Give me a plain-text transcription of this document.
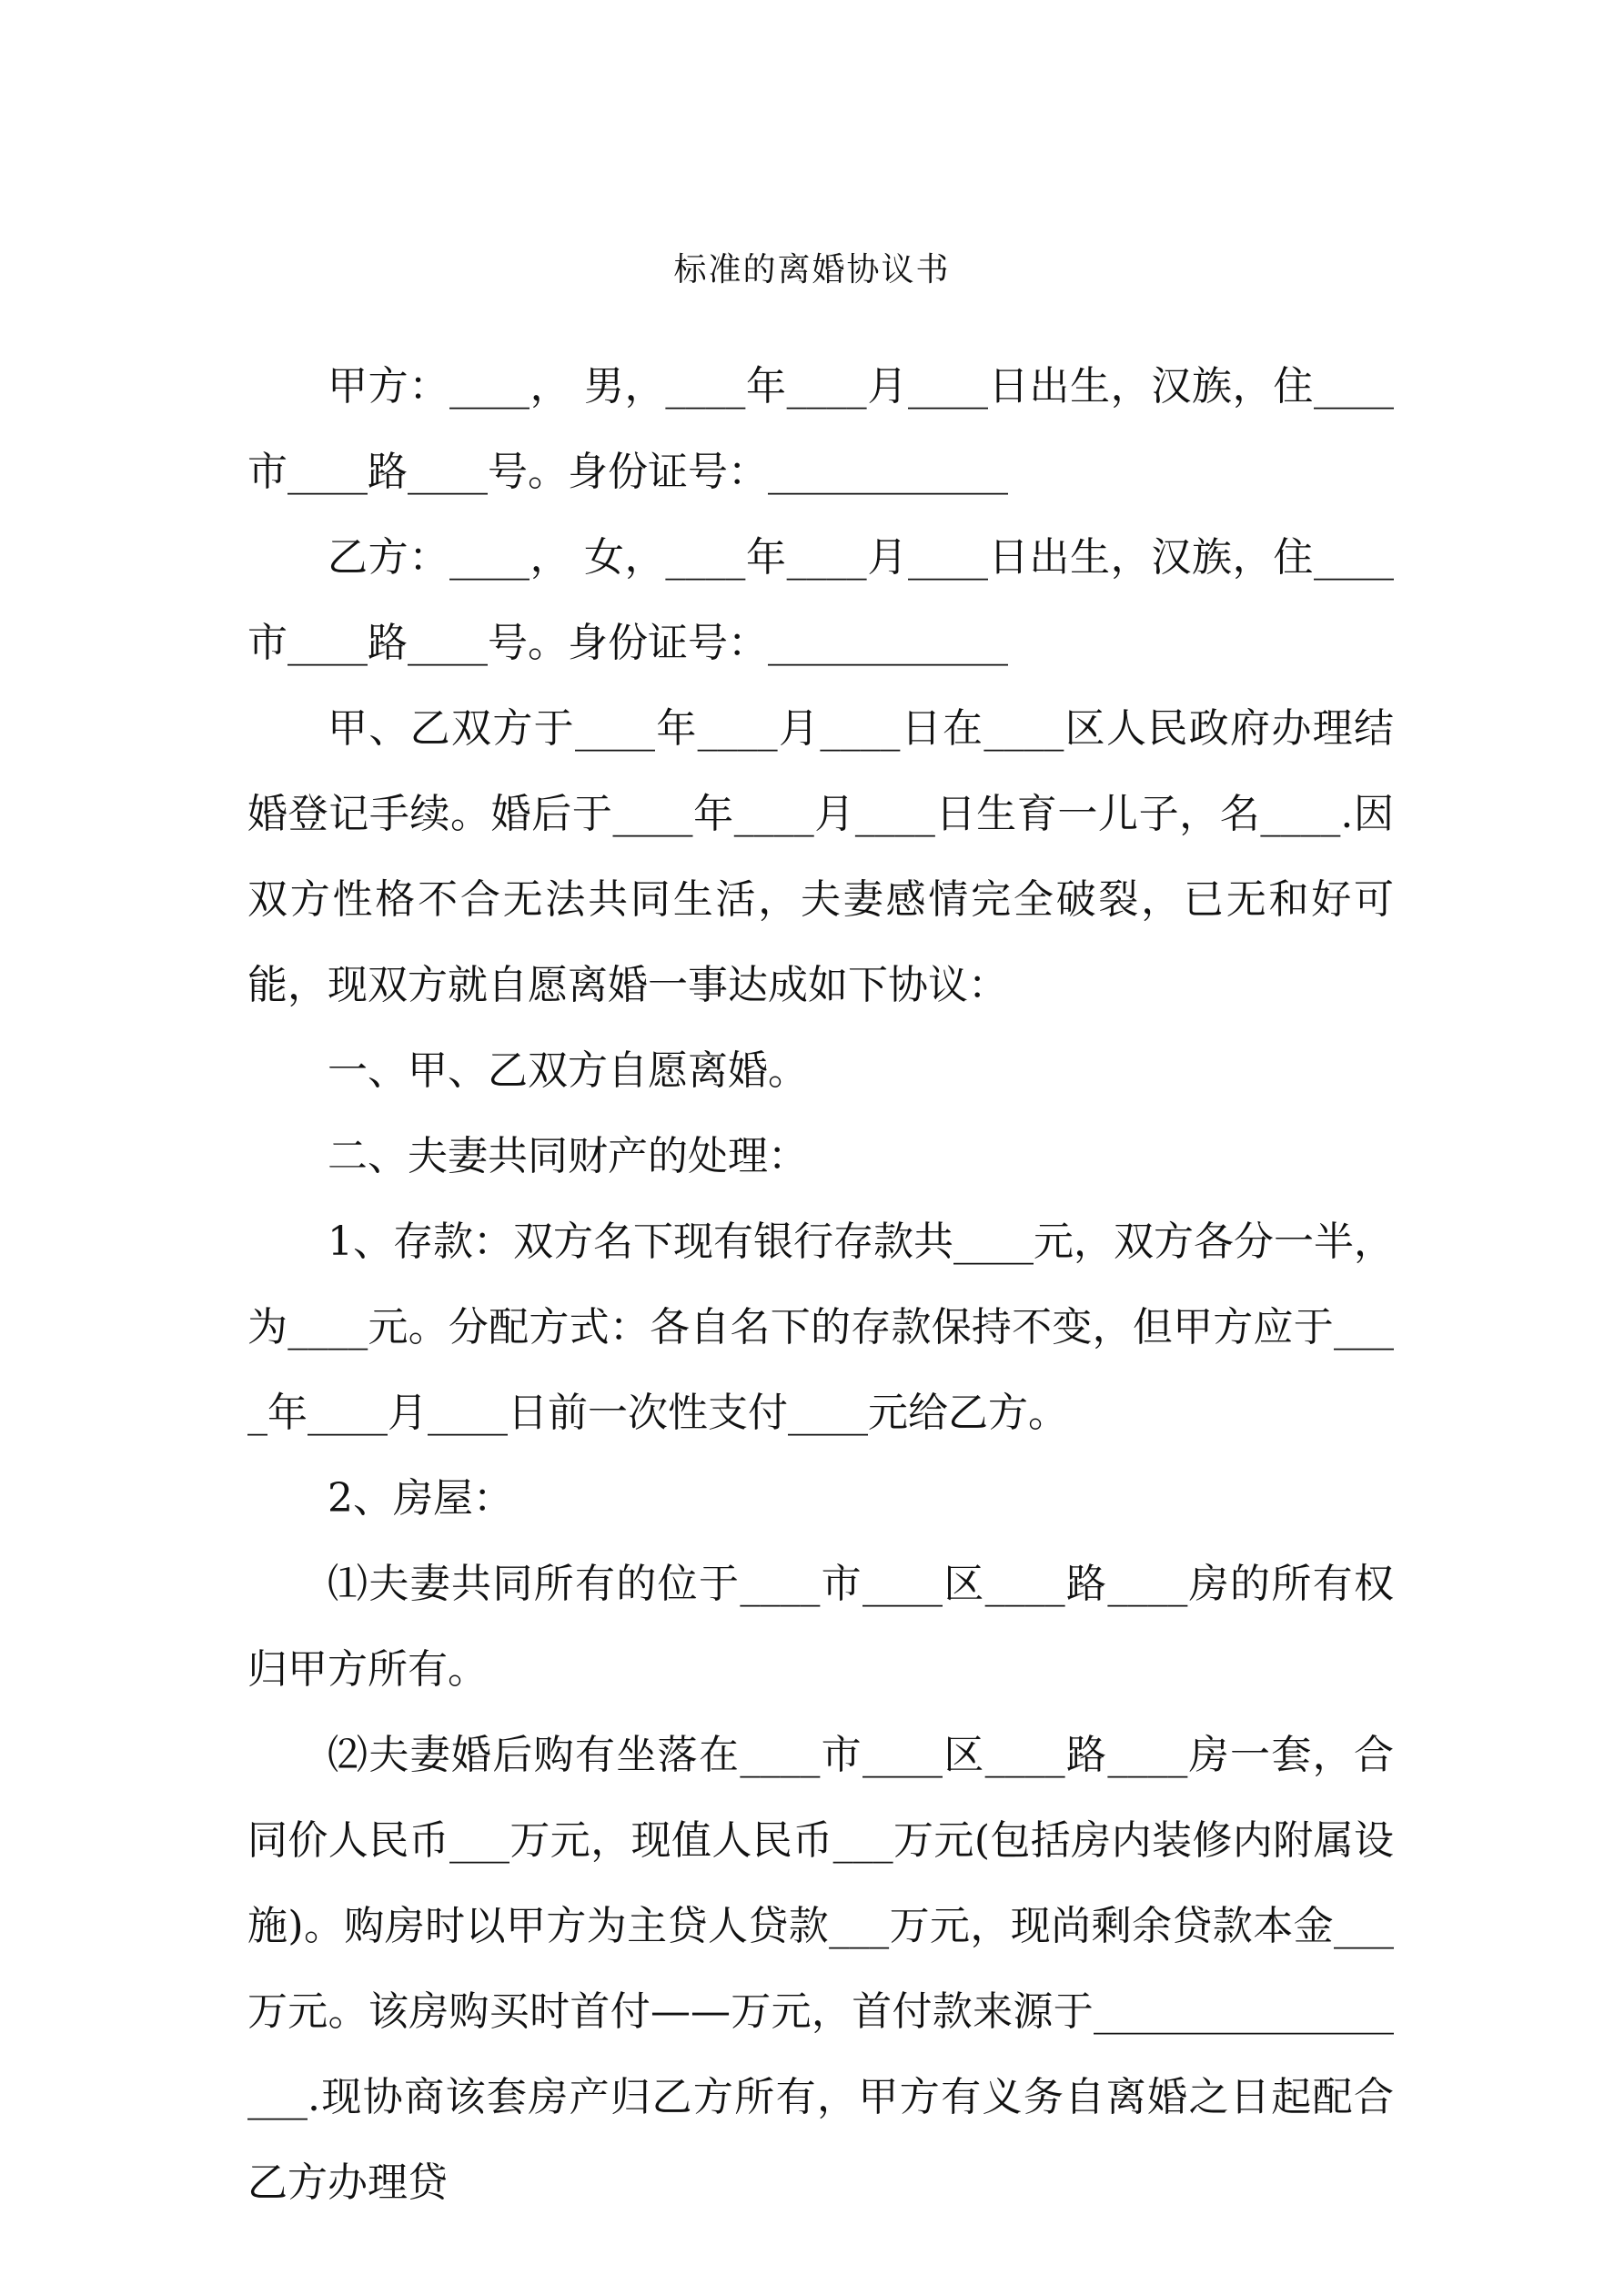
标准的离婚协议书

甲方：____， 男，____年____月____日出生，汉族，住____市____路____号。身份证号：____________

乙方：____， 女，____年____月____日出生，汉族，住____市____路____号。身份证号：____________

甲、乙双方于____年____月____日在____区人民政府办理结婚登记手续。婚后于____年____月____日生育一儿子，名____.因双方性格不合无法共同生活，夫妻感情完全破裂，已无和好可能，现双方就自愿离婚一事达成如下协议：

一、甲、乙双方自愿离婚。

二、夫妻共同财产的处理：

1、存款：双方名下现有银行存款共____元，双方各分一半，为____元。分配方式：各自名下的存款保持不变，但甲方应于____年____月____日前一次性支付____元给乙方。

2、房屋：

⑴夫妻共同所有的位于____市____区____路____房的所有权归甲方所有。

⑵夫妻婚后购有坐落在____市____区____路____房一套，合同价人民币___万元，现值人民币___万元(包括房内装修内附属设施)。购房时以甲方为主贷人贷款___万元，现尚剩余贷款本金___万元。该房购买时首付——万元，首付款来源于__________________.现协商该套房产归乙方所有，甲方有义务自离婚之日起配合乙方办理贷
